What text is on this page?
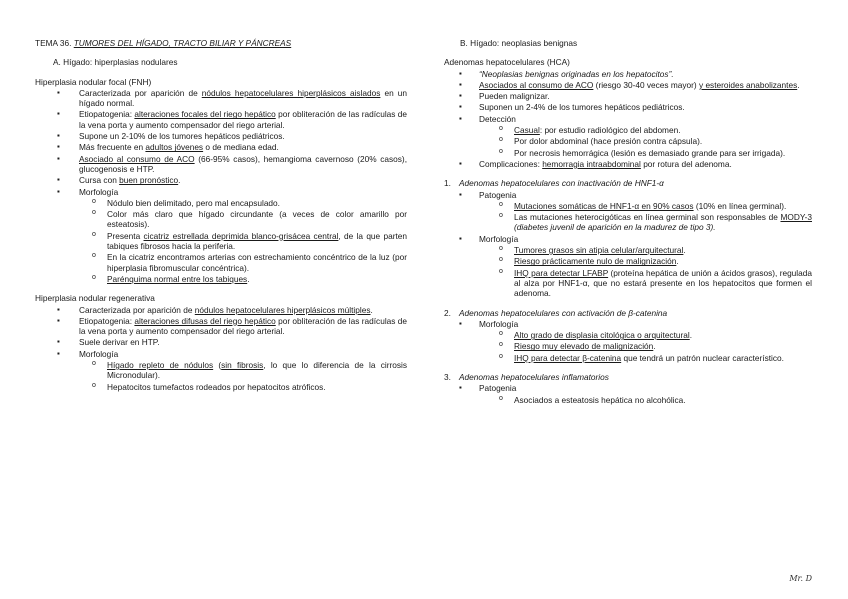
TEMA 36. TUMORES DEL HÍGADO, TRACTO BILIAR Y PÁNCREAS

A. Hígado: hiperplasias nodulares

Hiperplasia nodular focal (FNH)

▪ Caracterizada por aparición de nódulos hepatocelulares hiperplásicos aislados en un hígado normal.
▪ Etiopatogenia: alteraciones focales del riego hepático por obliteración de las radículas de la vena porta y aumento compensador del riego arterial.
▪ Supone un 2-10% de los tumores hepáticos pediátricos.
▪ Más frecuente en adultos jóvenes o de mediana edad.
▪ Asociado al consumo de ACO (66-95% casos), hemangioma cavernoso (20% casos), glucogenosis e HTP.
▪ Cursa con buen pronóstico.
▪ Morfología
o Nódulo bien delimitado, pero mal encapsulado.
o Color más claro que hígado circundante (a veces de color amarillo por esteatosis).
o Presenta cicatriz estrellada deprimida blanco-grisácea central, de la que parten tabiques fibrosos hacia la periferia.
o En la cicatriz encontramos arterias con estrechamiento concéntrico de la luz (por hiperplasia fibromuscular concéntrica).
o Parénquima normal entre los tabiques.

Hiperplasia nodular regenerativa

▪ Caracterizada por aparición de nódulos hepatocelulares hiperplásicos múltiples.
▪ Etiopatogenia: alteraciones difusas del riego hepático por obliteración de las radículas de la vena porta y aumento compensador del riego arterial.
▪ Suele derivar en HTP.
▪ Morfología
o Hígado repleto de nódulos (sin fibrosis, lo que lo diferencia de la cirrosis Micronodular).
o Hepatocitos tumefactos rodeados por hepatocitos atróficos.

B. Hígado: neoplasias benignas

Adenomas hepatocelulares (HCA)

▪ “Neoplasias benignas originadas en los hepatocitos”.
▪ Asociados al consumo de ACO (riesgo 30-40 veces mayor) y esteroides anabolizantes.
▪ Pueden malignizar.
▪ Suponen un 2-4% de los tumores hepáticos pediátricos.
▪ Detección
o Casual: por estudio radiológico del abdomen.
o Por dolor abdominal (hace presión contra cápsula).
o Por necrosis hemorrágica (lesión es demasiado grande para ser irrigada).
▪ Complicaciones: hemorragia intraabdominal por rotura del adenoma.
1. Adenomas hepatocelulares con inactivación de HNF1-α
▪ Patogenia
o Mutaciones somáticas de HNF1-α en 90% casos (10% en línea germinal).
o Las mutaciones heterocigóticas en línea germinal son responsables de MODY-3 (diabetes juvenil de aparición en la madurez de tipo 3).
▪ Morfología
o Tumores grasos sin atipia celular/arquitectural.
o Riesgo prácticamente nulo de malignización.
o IHQ para detectar LFABP (proteína hepática de unión a ácidos grasos), regulada al alza por HNF1-α, que no estará presente en los hepatocitos que formen el adenoma.
2. Adenomas hepatocelulares con activación de β-catenina
▪ Morfología
o Alto grado de displasia citológica o arquitectural.
o Riesgo muy elevado de malignización.
o IHQ para detectar β-catenina que tendrá un patrón nuclear característico.
3. Adenomas hepatocelulares inflamatorios
▪ Patogenia
o Asociados a esteatosis hepática no alcohólica.
Mr. D
